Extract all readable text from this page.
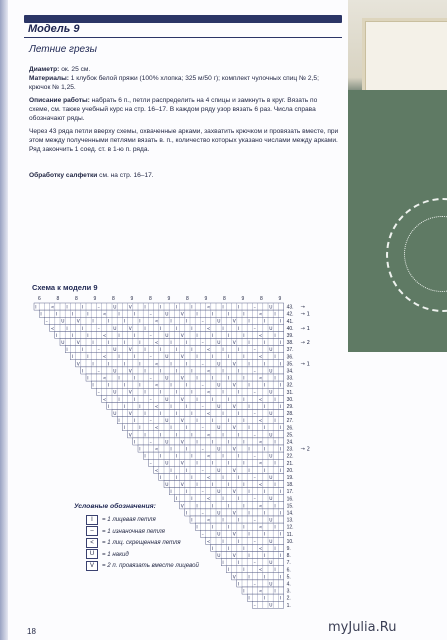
Модель 9
Летние грезы
Диаметр: ок. 25 см.
Материалы: 1 клубок белой пряжи (100% хлопка; 325 м/50 г); комплект чулочных спиц № 2,5; крючок № 1,25.
Описание работы: набрать 6 п., петли распределить на 4 спицы и замкнуть в круг. Вязать по схеме, см. также учебный курс на стр. 16–17. В каждом ряду узор вязать 6 раз. Числа справа обозначают ряды.
Через 43 ряда петли вверху схемы, охваченные арками, захватить крючком и провязать вместе, при этом между полученными петлями вязать в. п., количество которых указано числами между арками. Ряд закончить 1 соед. ст. в 1-ю п. ряда.
Обработку салфетки см. на стр. 16–17.
Схема к модели 9
6	8	8	9	8	9	8	9	8	9	8	9	8	9
I	<	I	I	–	U	V	I	I	I	I	<	I	I	–	U	43. →
I	I	I	I	<	I	I	–	U	V	I	I	I	I	<	I 42. → 1
–	U	V	I	I	I	I	<	I	I	–	U	V	I	I	I 41.
<	I	I	–	U	V	I	I	I	I	<	I	I	–	U	40. → 1
I	I	I	<	I	I	–	U	V	I	I	I	I	<	I 39.
U	V	I	I	I	I	<	I	I	–	U	V	I	I	I 38. → 2
I	I	–	U	V	I	I	I	I	<	I	I	–	U	37.
I	I	<	I	I	–	U	V	I	I	I	I	<	I 36.
V	I	I	I	I	<	I	I	–	U	V	I	I	I 35. → 1
I	–	U	V	I	I	I	I	<	I	I	–	U	34.
I	<	I	I	–	U	V	I	I	I	I	<	I 33.
I	I	I	I	<	I	I	–	U	V	I	I	I 32.
–	U	V	I	I	I	I	<	I	I	–	U	31.
<	I	I	–	U	V	I	I	I	I	<	I 30.
I	I	I	<	I	I	–	U	V	I	I	I 29.
U	V	I	I	I	I	<	I	I	–	U	28.
I	I	–	U	V	I	I	I	I	<	I 27.
I	I	<	I	I	–	U	V	I	I	I 26.
V	I	I	I	I	<	I	I	–	U	25.
I	–	U	V	I	I	I	I	<	I 24.
I	<	I	I	–	U	V	I	I	I 23. → 2
I	I	I	I	<	I	I	–	U	22.
–	U	V	I	I	I	I	<	I 21.
<	I	I	–	U	V	I	I	I 20.
I	I	I	<	I	I	–	U	19.
U	V	I	I	I	I	<	I 18.
I	I	–	U	V	I	I	I 17.
I	I	<	I	I	–	U	16.
V	I	I	I	I	<	I 15.
I	–	U	V	I	I	I 14.
I	<	I	I	–	U	13.
I	I	I	I	<	I 12.
–	U	V	I	I	I 11.
<	I	I	–	U	10.
I	I	I	<	I 9.
U	V	I	I	I 8.
I	I	–	U	7.
I	I	<	I 6.
V	I	I	I 5.
I	–	U	4.
I	<	I 3.
I	I	I 2.
–	U	1.
Условные обозначения:
I	= 1 лицевая петля
–	= 1 изнаночная петля
<	= 1 лиц. скрещенная петля
U	= 1 накид
V	= 2 п. провязать вместе лицевой
18	myJulia.Ru
